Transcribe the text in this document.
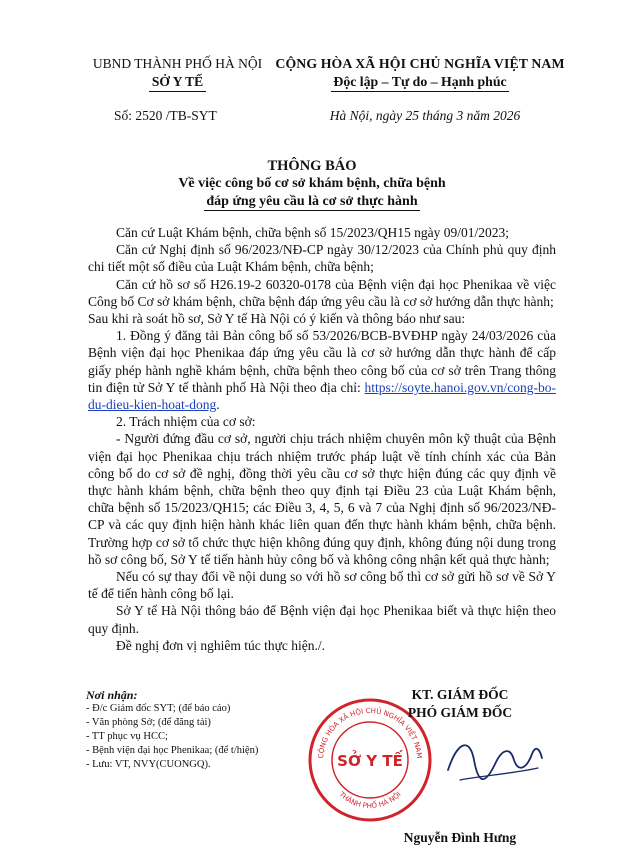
UBND THÀNH PHỐ HÀ NỘI
SỞ Y TẾ
CỘNG HÒA XÃ HỘI CHỦ NGHĨA VIỆT NAM
Độc lập – Tự do – Hạnh phúc
Số: 2520 /TB-SYT	Hà Nội, ngày 25 tháng 3 năm 2026
THÔNG BÁO
Về việc công bố cơ sở khám bệnh, chữa bệnh
đáp ứng yêu cầu là cơ sở thực hành

Căn cứ Luật Khám bệnh, chữa bệnh số 15/2023/QH15 ngày 09/01/2023;

Căn cứ Nghị định số 96/2023/NĐ-CP ngày 30/12/2023 của Chính phủ quy định chi tiết một số điều của Luật Khám bệnh, chữa bệnh;

Căn cứ hồ sơ số H26.19-2 60320-0178 của Bệnh viện đại học Phenikaa về việc Công bố Cơ sở khám bệnh, chữa bệnh đáp ứng yêu cầu là cơ sở hướng dẫn thực hành;

Sau khi rà soát hồ sơ, Sở Y tế Hà Nội có ý kiến và thông báo như sau:

1. Đồng ý đăng tải Bản công bố số 53/2026/BCB-BVĐHP ngày 24/03/2026 của Bệnh viện đại học Phenikaa đáp ứng yêu cầu là cơ sở hướng dẫn thực hành để cấp giấy phép hành nghề khám bệnh, chữa bệnh theo công bố của cơ sở trên Trang thông tin điện tử Sở Y tế thành phố Hà Nội theo địa chỉ: https://soyte.hanoi.gov.vn/cong-bo-du-dieu-kien-hoat-dong.

2. Trách nhiệm của cơ sở:

- Người đứng đầu cơ sở, người chịu trách nhiệm chuyên môn kỹ thuật của Bệnh viện đại học Phenikaa chịu trách nhiệm trước pháp luật về tính chính xác của Bản công bố do cơ sở đề nghị, đồng thời yêu cầu cơ sở thực hiện đúng các quy định về thực hành khám bệnh, chữa bệnh theo quy định tại Điều 23 của Luật Khám bệnh, chữa bệnh số 15/2023/QH15; các Điều 3, 4, 5, 6 và 7 của Nghị định số 96/2023/NĐ-CP và các quy định hiện hành khác liên quan đến thực hành khám bệnh, chữa bệnh. Trường hợp cơ sở tổ chức thực hiện không đúng quy định, không đúng nội dung trong hồ sơ công bố, Sở Y tế tiến hành hủy công bố và không công nhận kết quả thực hành;

Nếu có sự thay đổi về nội dung so với hồ sơ công bố thì cơ sở gửi hồ sơ về Sở Y tế để tiến hành công bố lại.

Sở Y tế Hà Nội thông báo để Bệnh viện đại học Phenikaa biết và thực hiện theo quy định.

Đề nghị đơn vị nghiêm túc thực hiện./.

Nơi nhận:
- Đ/c Giám đốc SYT; (để báo cáo)
- Văn phòng Sở; (để đăng tải)
- TT phục vụ HCC;
- Bệnh viện đại học Phenikaa; (để t/hiện)
- Lưu: VT, NVY(CUONGQ).
CỘNG HÒA XÃ HỘI CHỦ NGHĨA VIỆT NAM
THÀNH PHỐ HÀ NỘI
SỞ Y TẾ
KT. GIÁM ĐỐC
PHÓ GIÁM ĐỐC
Nguyễn Đình Hưng
